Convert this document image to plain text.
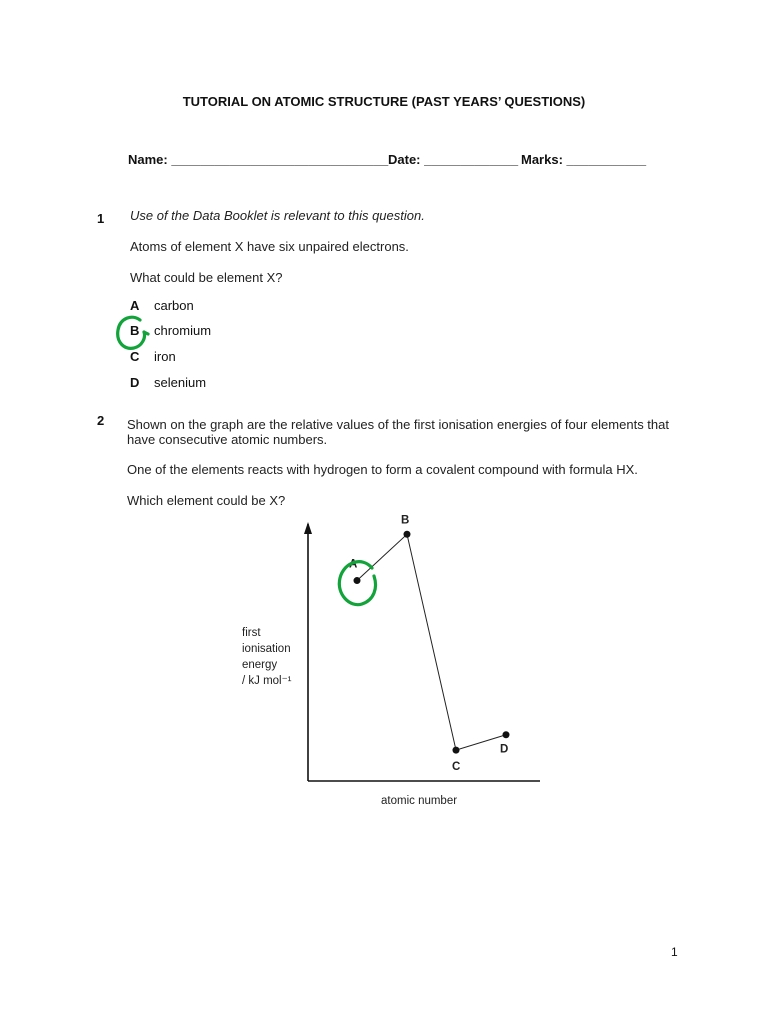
TUTORIAL ON ATOMIC STRUCTURE (PAST YEARS’ QUESTIONS)
Name: ______________________________ Date: _____________ Marks: ___________
1 Use of the Data Booklet is relevant to this question.
Atoms of element X have six unpaired electrons.
What could be element X?
A carbon
B chromium
C iron
D selenium
2 Shown on the graph are the relative values of the first ionisation energies of four elements that
have consecutive atomic numbers.
One of the elements reacts with hydrogen to form a covalent compound with formula HX.
Which element could be X?
A
B
C
D
first
ionisation
energy
/ kJ mol⁻¹
atomic number
1
